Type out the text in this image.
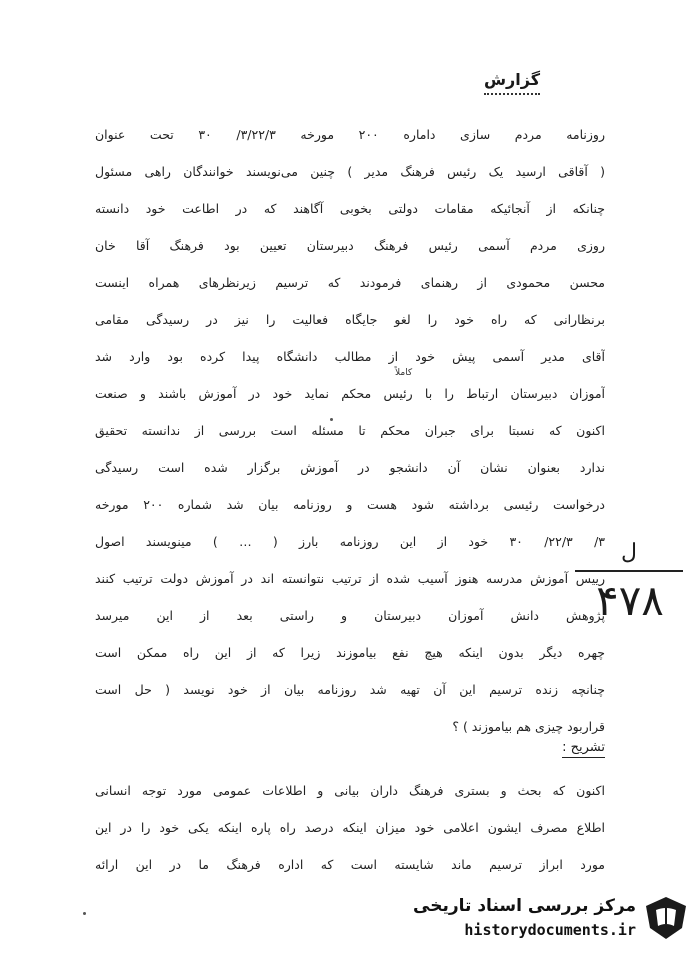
گزارش
روزنامه مردم سازی داماره ۲۰۰ مورخه ۳/۲۲/۳/ ۳۰ تحت عنوان
( آقاقی ارسید یک رئیس فرهنگ مدیر ) چنین می‌نویسند خوانندگان راهی مسئول
چنانکه از آنجائیکه مقامات دولتی بخوبی آگاهند که در اطاعت خود دانسته
روزی مردم آسمی رئیس فرهنگ دبیرستان تعیین بود فرهنگ آقا خان
محسن محمودی از رهنمای فرمودند که ترسیم زیرنظرهای همراه اینست
برنظارانی که راه خود را لغو جایگاه فعالیت را نیز در رسیدگی مقامی
آقای مدیر آسمی پیش خود از مطالب دانشگاه پیدا کرده بود وارد شد
آموزان دبیرستان ارتباط را با رئیس محکم نماید خود در آموزش باشند و صنعت
اکنون که نسبتا برای جبران محکم تا مسئله است بررسی از ندانسته تحقیق
ندارد بعنوان نشان آن دانشجو در آموزش برگزار شده است رسیدگی
درخواست رئیسی برداشته شود هست و روزنامه بیان شد شماره ۲۰۰ مورخه
۳/ ۲۲/۳/ ۳۰ خود از این روزنامه بارز ( … ) مینویسند اصول
رییس آموزش مدرسه هنوز آسیب شده از ترتیب نتوانسته اند در آموزش دولت ترتیب کنند
پژوهش دانش آموزان دبیرستان و راستی بعد از این میرسد
چهره دیگر بدون اینکه هیچ نفع بیاموزند زیرا که از این راه ممکن است
چنانچه زنده ترسیم این آن تهیه شد روزنامه بیان از خود نویسد ( حل است
قراربود چیزی هم بیاموزند ) ؟
کاملاً
تشریح :
اکنون که بحث و بستری فرهنگ داران بیانی و اطلاعات عمومی مورد توجه انسانی
اطلاع مصرف ایشون اعلامی خود میزان اینکه درصد راه پاره اینکه یکی خود را در این
مورد ابراز ترسیم ماند شایسته است که اداره فرهنگ ما در این ارائه
ل
۴۷۸
مرکز بررسی اسناد تاریخی
historydocuments.ir
